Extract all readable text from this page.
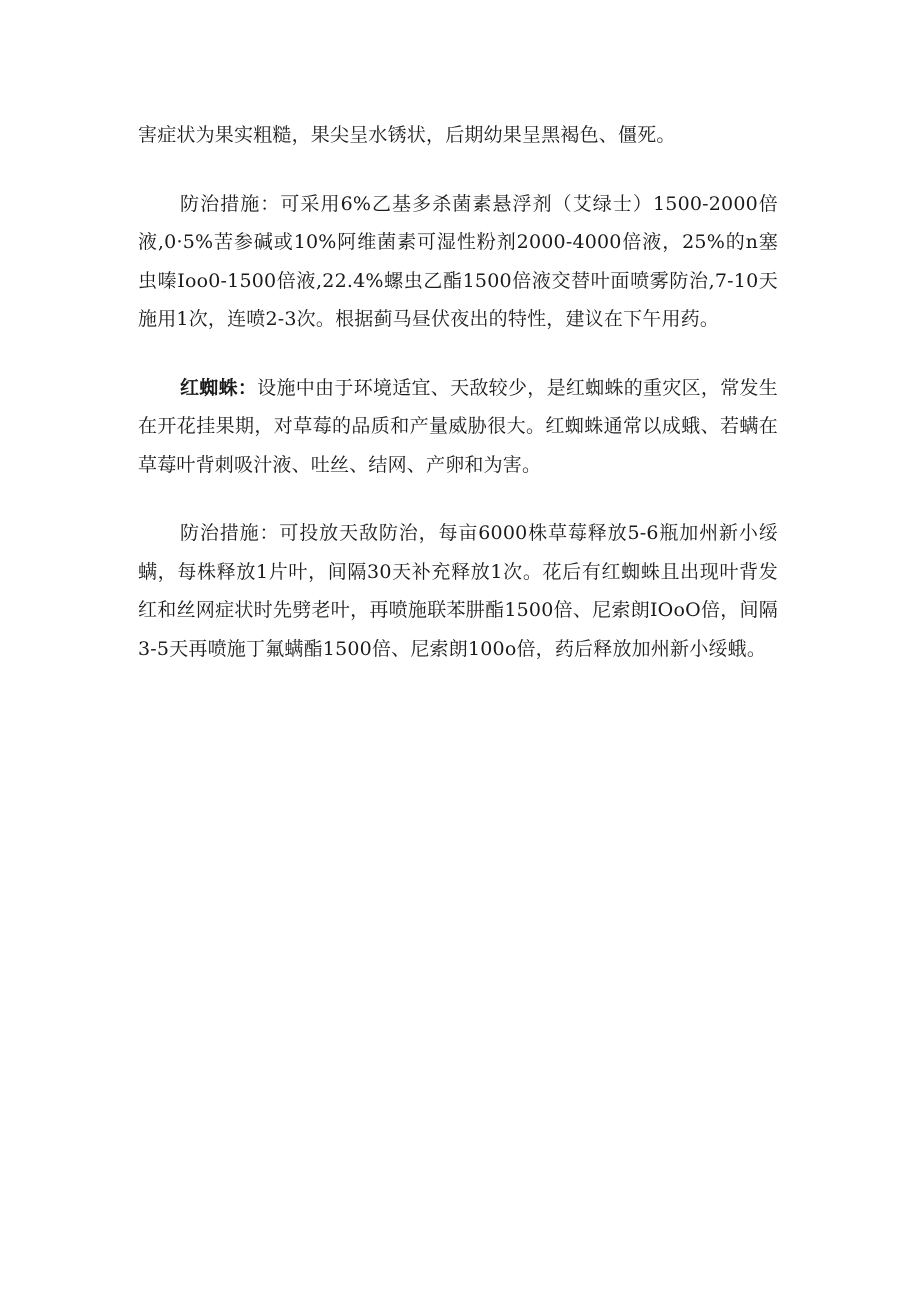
害症状为果实粗糙，果尖呈水锈状，后期幼果呈黑褐色、僵死。

防治措施：可采用6%乙基多杀菌素悬浮剂（艾绿士）1500-2000倍液,0·5%苦参碱或10%阿维菌素可湿性粉剂2000-4000倍液，25%的n塞虫嗪Ioo0-1500倍液,22.4%螺虫乙酯1500倍液交替叶面喷雾防治,7-10天施用1次，连喷2-3次。根据蓟马昼伏夜出的特性，建议在下午用药。

红蜘蛛：设施中由于环境适宜、天敌较少，是红蜘蛛的重灾区，常发生在开花挂果期，对草莓的品质和产量威胁很大。红蜘蛛通常以成蛾、若螨在草莓叶背刺吸汁液、吐丝、结网、产卵和为害。

防治措施：可投放天敌防治，每亩6000株草莓释放5-6瓶加州新小绥螨，每株释放1片叶，间隔30天补充释放1次。花后有红蜘蛛且出现叶背发红和丝网症状时先劈老叶，再喷施联苯肼酯1500倍、尼索朗IOoO倍，间隔3-5天再喷施丁氟螨酯1500倍、尼索朗100o倍，药后释放加州新小绥蛾。
